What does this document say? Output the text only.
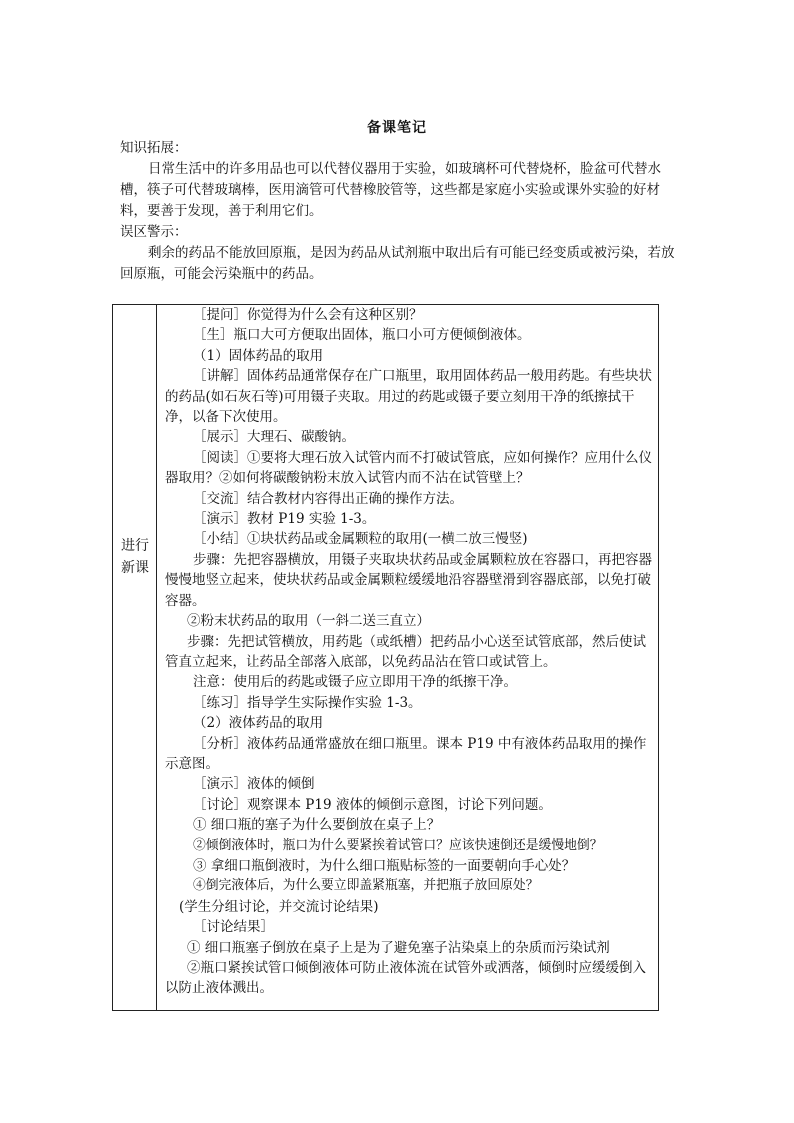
备课笔记

知识拓展：

日常生活中的许多用品也可以代替仪器用于实验，如玻璃杯可代替烧杯，脸盆可代替水槽，筷子可代替玻璃棒，医用滴管可代替橡胶管等，这些都是家庭小实验或课外实验的好材料，要善于发现，善于利用它们。

误区警示：

剩余的药品不能放回原瓶，是因为药品从试剂瓶中取出后有可能已经变质或被污染，若放回原瓶，可能会污染瓶中的药品。

进行
新课

［提问］你觉得为什么会有这种区别？

［生］瓶口大可方便取出固体，瓶口小可方便倾倒液体。

（1）固体药品的取用

［讲解］固体药品通常保存在广口瓶里，取用固体药品一般用药匙。有些块状的药品(如石灰石等)可用镊子夹取。用过的药匙或镊子要立刻用干净的纸擦拭干净，以备下次使用。

［展示］大理石、碳酸钠。

［阅读］①要将大理石放入试管内而不打破试管底，应如何操作？应用什么仪器取用？②如何将碳酸钠粉末放入试管内而不沾在试管壁上？

［交流］结合教材内容得出正确的操作方法。

［演示］教材 P19 实验 1-3。

［小结］①块状药品或金属颗粒的取用(一横二放三慢竖)

步骤：先把容器横放，用镊子夹取块状药品或金属颗粒放在容器口，再把容器慢慢地竖立起来，使块状药品或金属颗粒缓缓地沿容器壁滑到容器底部，以免打破容器。

②粉末状药品的取用（一斜二送三直立）

步骤：先把试管横放，用药匙（或纸槽）把药品小心送至试管底部，然后使试管直立起来，让药品全部落入底部，以免药品沾在管口或试管上。

注意：使用后的药匙或镊子应立即用干净的纸擦干净。

［练习］指导学生实际操作实验 1-3。

（2）液体药品的取用

［分析］液体药品通常盛放在细口瓶里。课本 P19 中有液体药品取用的操作示意图。

［演示］液体的倾倒

［讨论］观察课本 P19 液体的倾倒示意图，讨论下列问题。

① 细口瓶的塞子为什么要倒放在桌子上？

②倾倒液体时，瓶口为什么要紧挨着试管口？应该快速倒还是缓慢地倒？

③ 拿细口瓶倒液时，为什么细口瓶贴标签的一面要朝向手心处？

④倒完液体后，为什么要立即盖紧瓶塞，并把瓶子放回原处？

(学生分组讨论，并交流讨论结果)

［讨论结果］

① 细口瓶塞子倒放在桌子上是为了避免塞子沾染桌上的杂质而污染试剂

②瓶口紧挨试管口倾倒液体可防止液体流在试管外或洒落，倾倒时应缓缓倒入以防止液体溅出。
